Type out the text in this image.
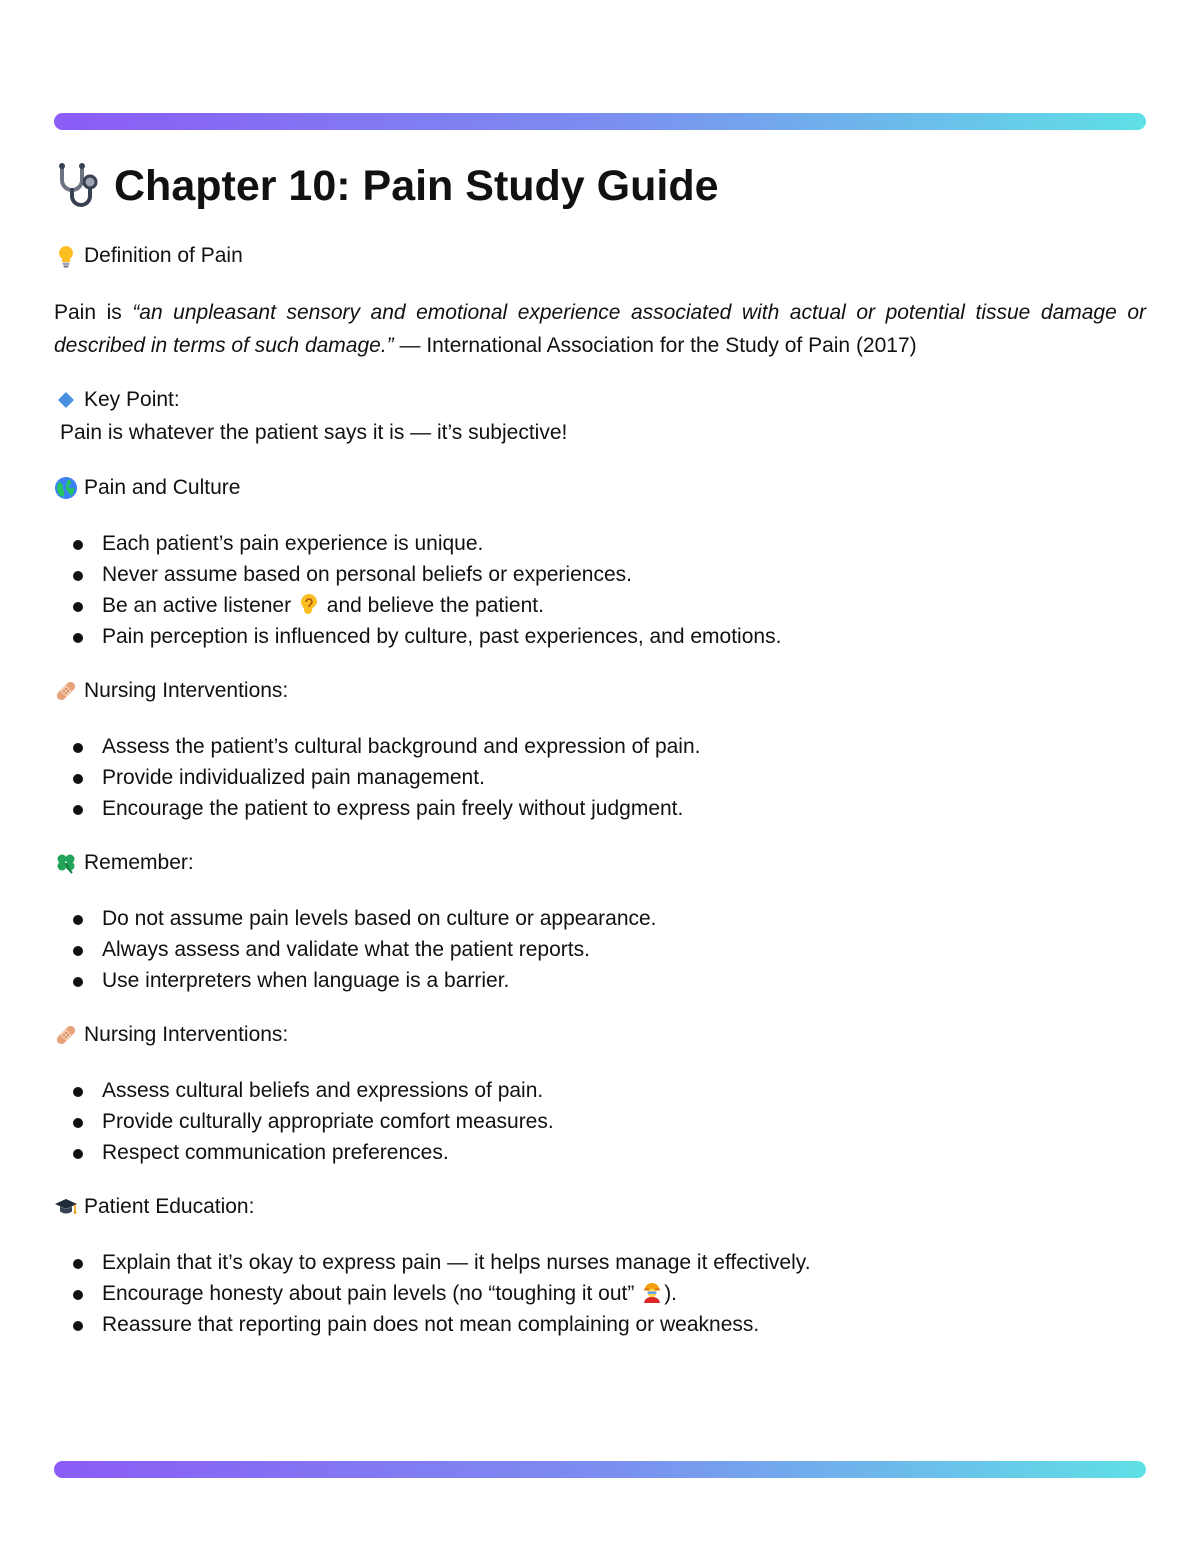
Chapter 10: Pain Study Guide
Definition of Pain

Pain is “an unpleasant sensory and emotional experience associated with actual or potential tissue damage or described in terms of such damage.” — International Association for the Study of Pain (2017)

Key Point:

Pain is whatever the patient says it is — it’s subjective!

Pain and Culture
Each patient’s pain experience is unique.
Never assume based on personal beliefs or experiences.
Be an active listener  and believe the patient.
Pain perception is influenced by culture, past experiences, and emotions.
Nursing Interventions:
Assess the patient’s cultural background and expression of pain.
Provide individualized pain management.
Encourage the patient to express pain freely without judgment.
Remember:
Do not assume pain levels based on culture or appearance.
Always assess and validate what the patient reports.
Use interpreters when language is a barrier.
Nursing Interventions:
Assess cultural beliefs and expressions of pain.
Provide culturally appropriate comfort measures.
Respect communication preferences.
Patient Education:
Explain that it’s okay to express pain — it helps nurses manage it effectively.
Encourage honesty about pain levels (no “toughing it out” ).
Reassure that reporting pain does not mean complaining or weakness.
